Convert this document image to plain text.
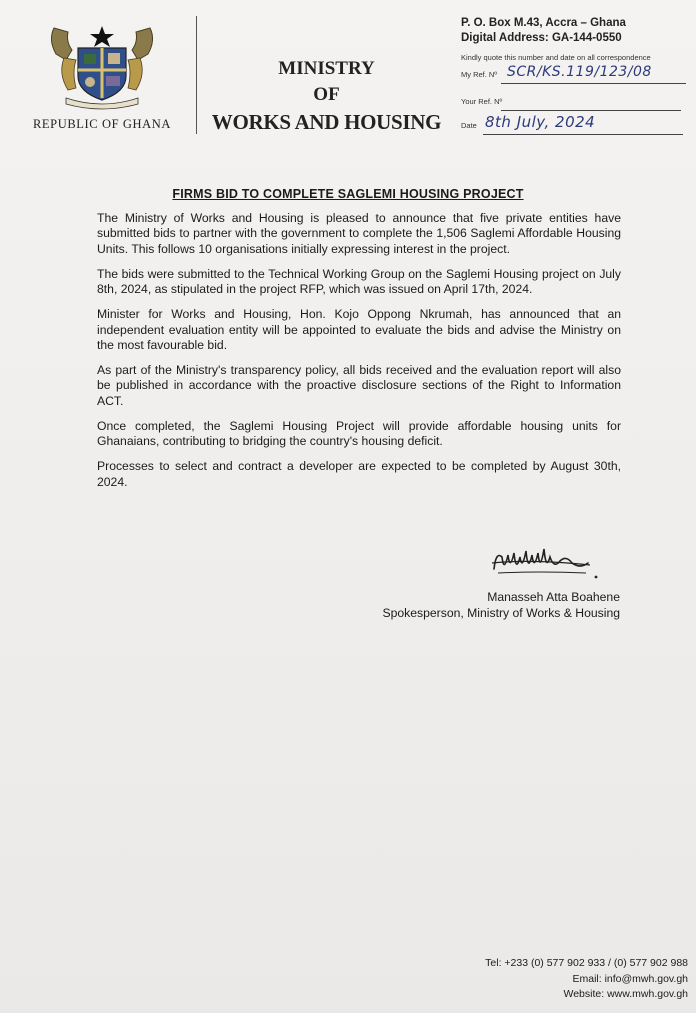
REPUBLIC OF GHANA
MINISTRY
OF
WORKS AND HOUSING
P. O. Box M.43, Accra – Ghana
Digital Address: GA-144-0550
Kindly quote this number and date on all correspondence
My Ref. Nº SCR/KS.119/123/08
Your Ref. Nº
Date 8th July, 2024
FIRMS BID TO COMPLETE SAGLEMI HOUSING PROJECT

The Ministry of Works and Housing is pleased to announce that five private entities have submitted bids to partner with the government to complete the 1,506 Saglemi Affordable Housing Units. This follows 10 organisations initially expressing interest in the project.

The bids were submitted to the Technical Working Group on the Saglemi Housing project on July 8th, 2024, as stipulated in the project RFP, which was issued on April 17th, 2024.

Minister for Works and Housing, Hon. Kojo Oppong Nkrumah, has announced that an independent evaluation entity will be appointed to evaluate the bids and advise the Ministry on the most favourable bid.

As part of the Ministry's transparency policy, all bids received and the evaluation report will also be published in accordance with the proactive disclosure sections of the Right to Information ACT.

Once completed, the Saglemi Housing Project will provide affordable housing units for Ghanaians, contributing to bridging the country's housing deficit.

Processes to select and contract a developer are expected to be completed by August 30th, 2024.

Manasseh Atta Boahene
Spokesperson, Ministry of Works & Housing
Tel: +233 (0) 577 902 933 / (0) 577 902 988
Email: info@mwh.gov.gh
Website: www.mwh.gov.gh
